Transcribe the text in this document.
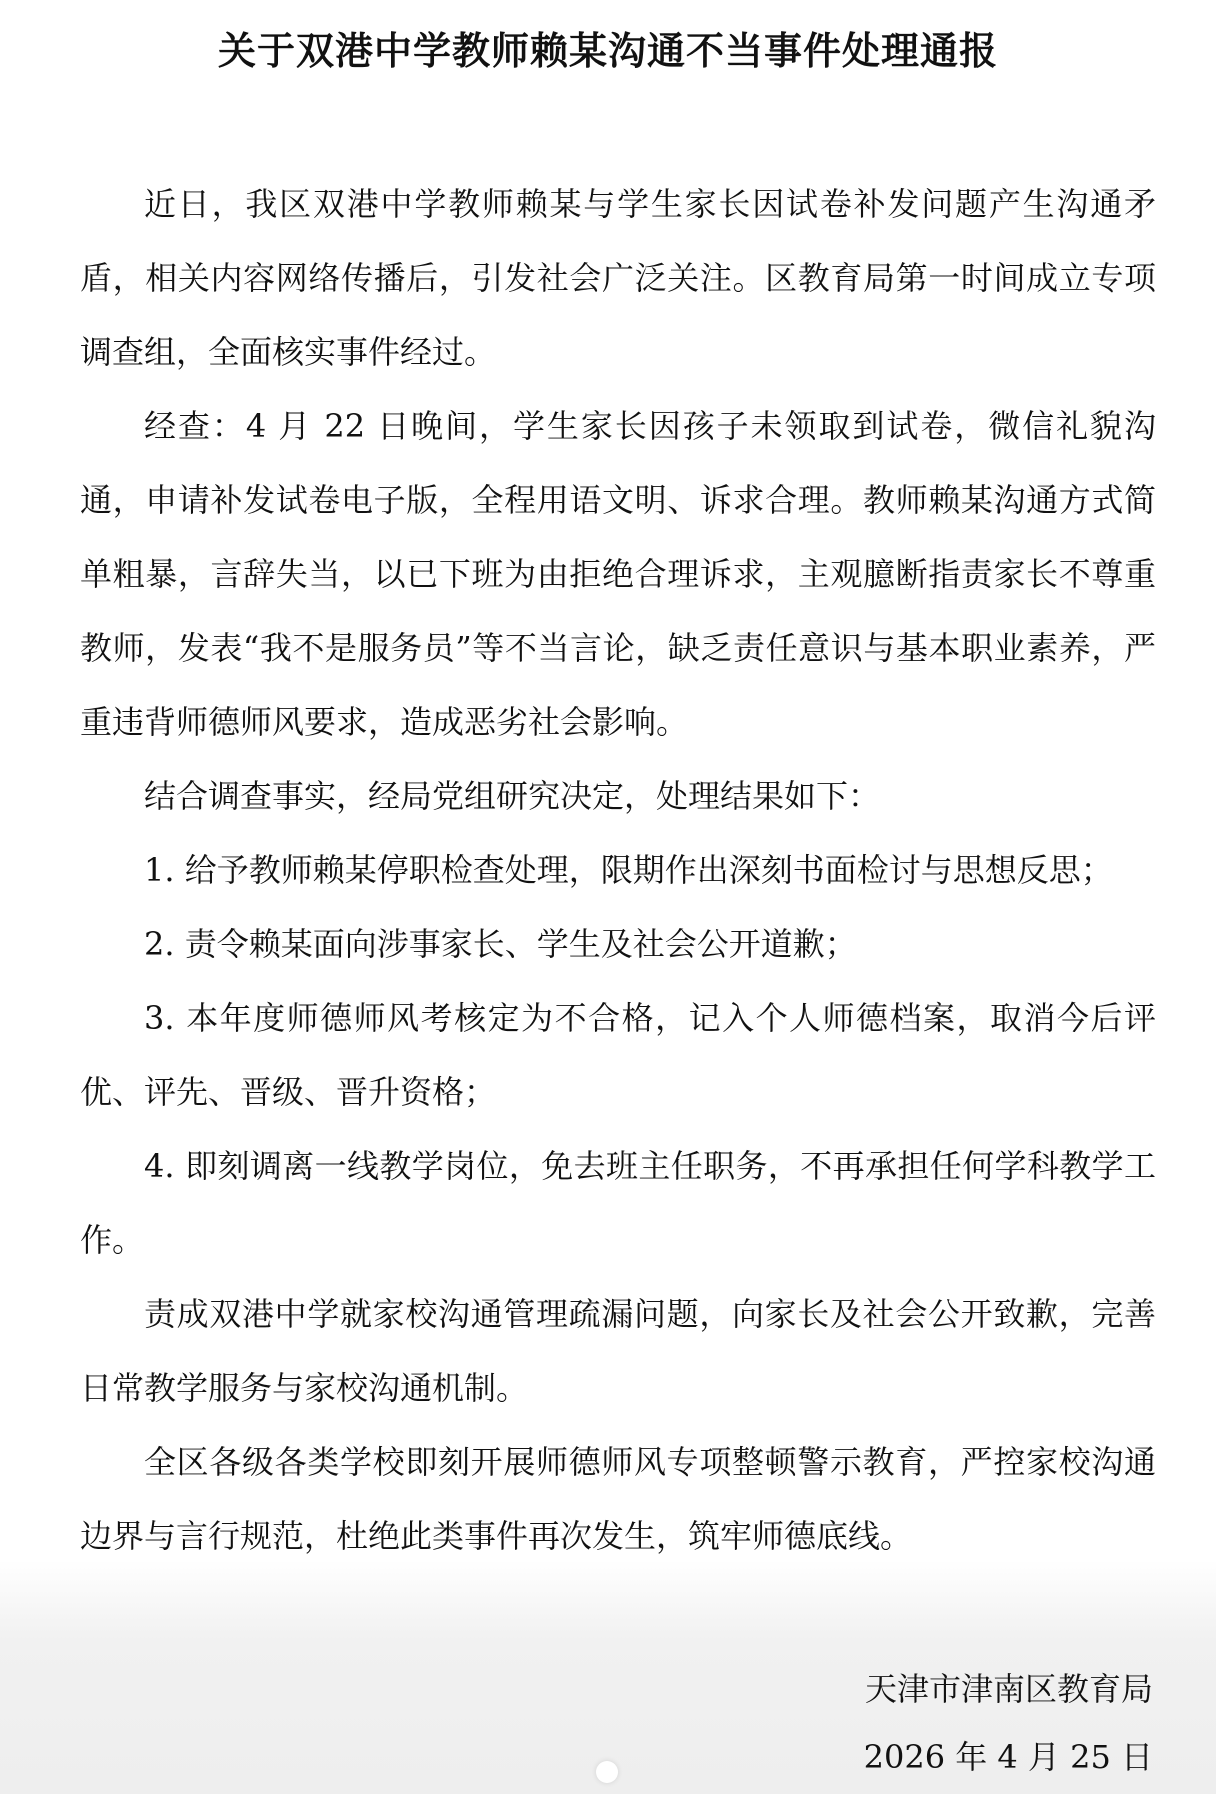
关于双港中学教师赖某沟通不当事件处理通报

近日，我区双港中学教师赖某与学生家长因试卷补发问题产生沟通矛盾，相关内容网络传播后，引发社会广泛关注。区教育局第一时间成立专项调查组，全面核实事件经过。

经查：4 月 22 日晚间，学生家长因孩子未领取到试卷，微信礼貌沟通，申请补发试卷电子版，全程用语文明、诉求合理。教师赖某沟通方式简单粗暴，言辞失当，以已下班为由拒绝合理诉求，主观臆断指责家长不尊重教师，发表“我不是服务员”等不当言论，缺乏责任意识与基本职业素养，严重违背师德师风要求，造成恶劣社会影响。

结合调查事实，经局党组研究决定，处理结果如下：

1. 给予教师赖某停职检查处理，限期作出深刻书面检讨与思想反思；

2. 责令赖某面向涉事家长、学生及社会公开道歉；

3. 本年度师德师风考核定为不合格，记入个人师德档案，取消今后评优、评先、晋级、晋升资格；

4. 即刻调离一线教学岗位，免去班主任职务，不再承担任何学科教学工作。

责成双港中学就家校沟通管理疏漏问题，向家长及社会公开致歉，完善日常教学服务与家校沟通机制。

全区各级各类学校即刻开展师德师风专项整顿警示教育，严控家校沟通边界与言行规范，杜绝此类事件再次发生，筑牢师德底线。

天津市津南区教育局
2026 年 4 月 25 日
